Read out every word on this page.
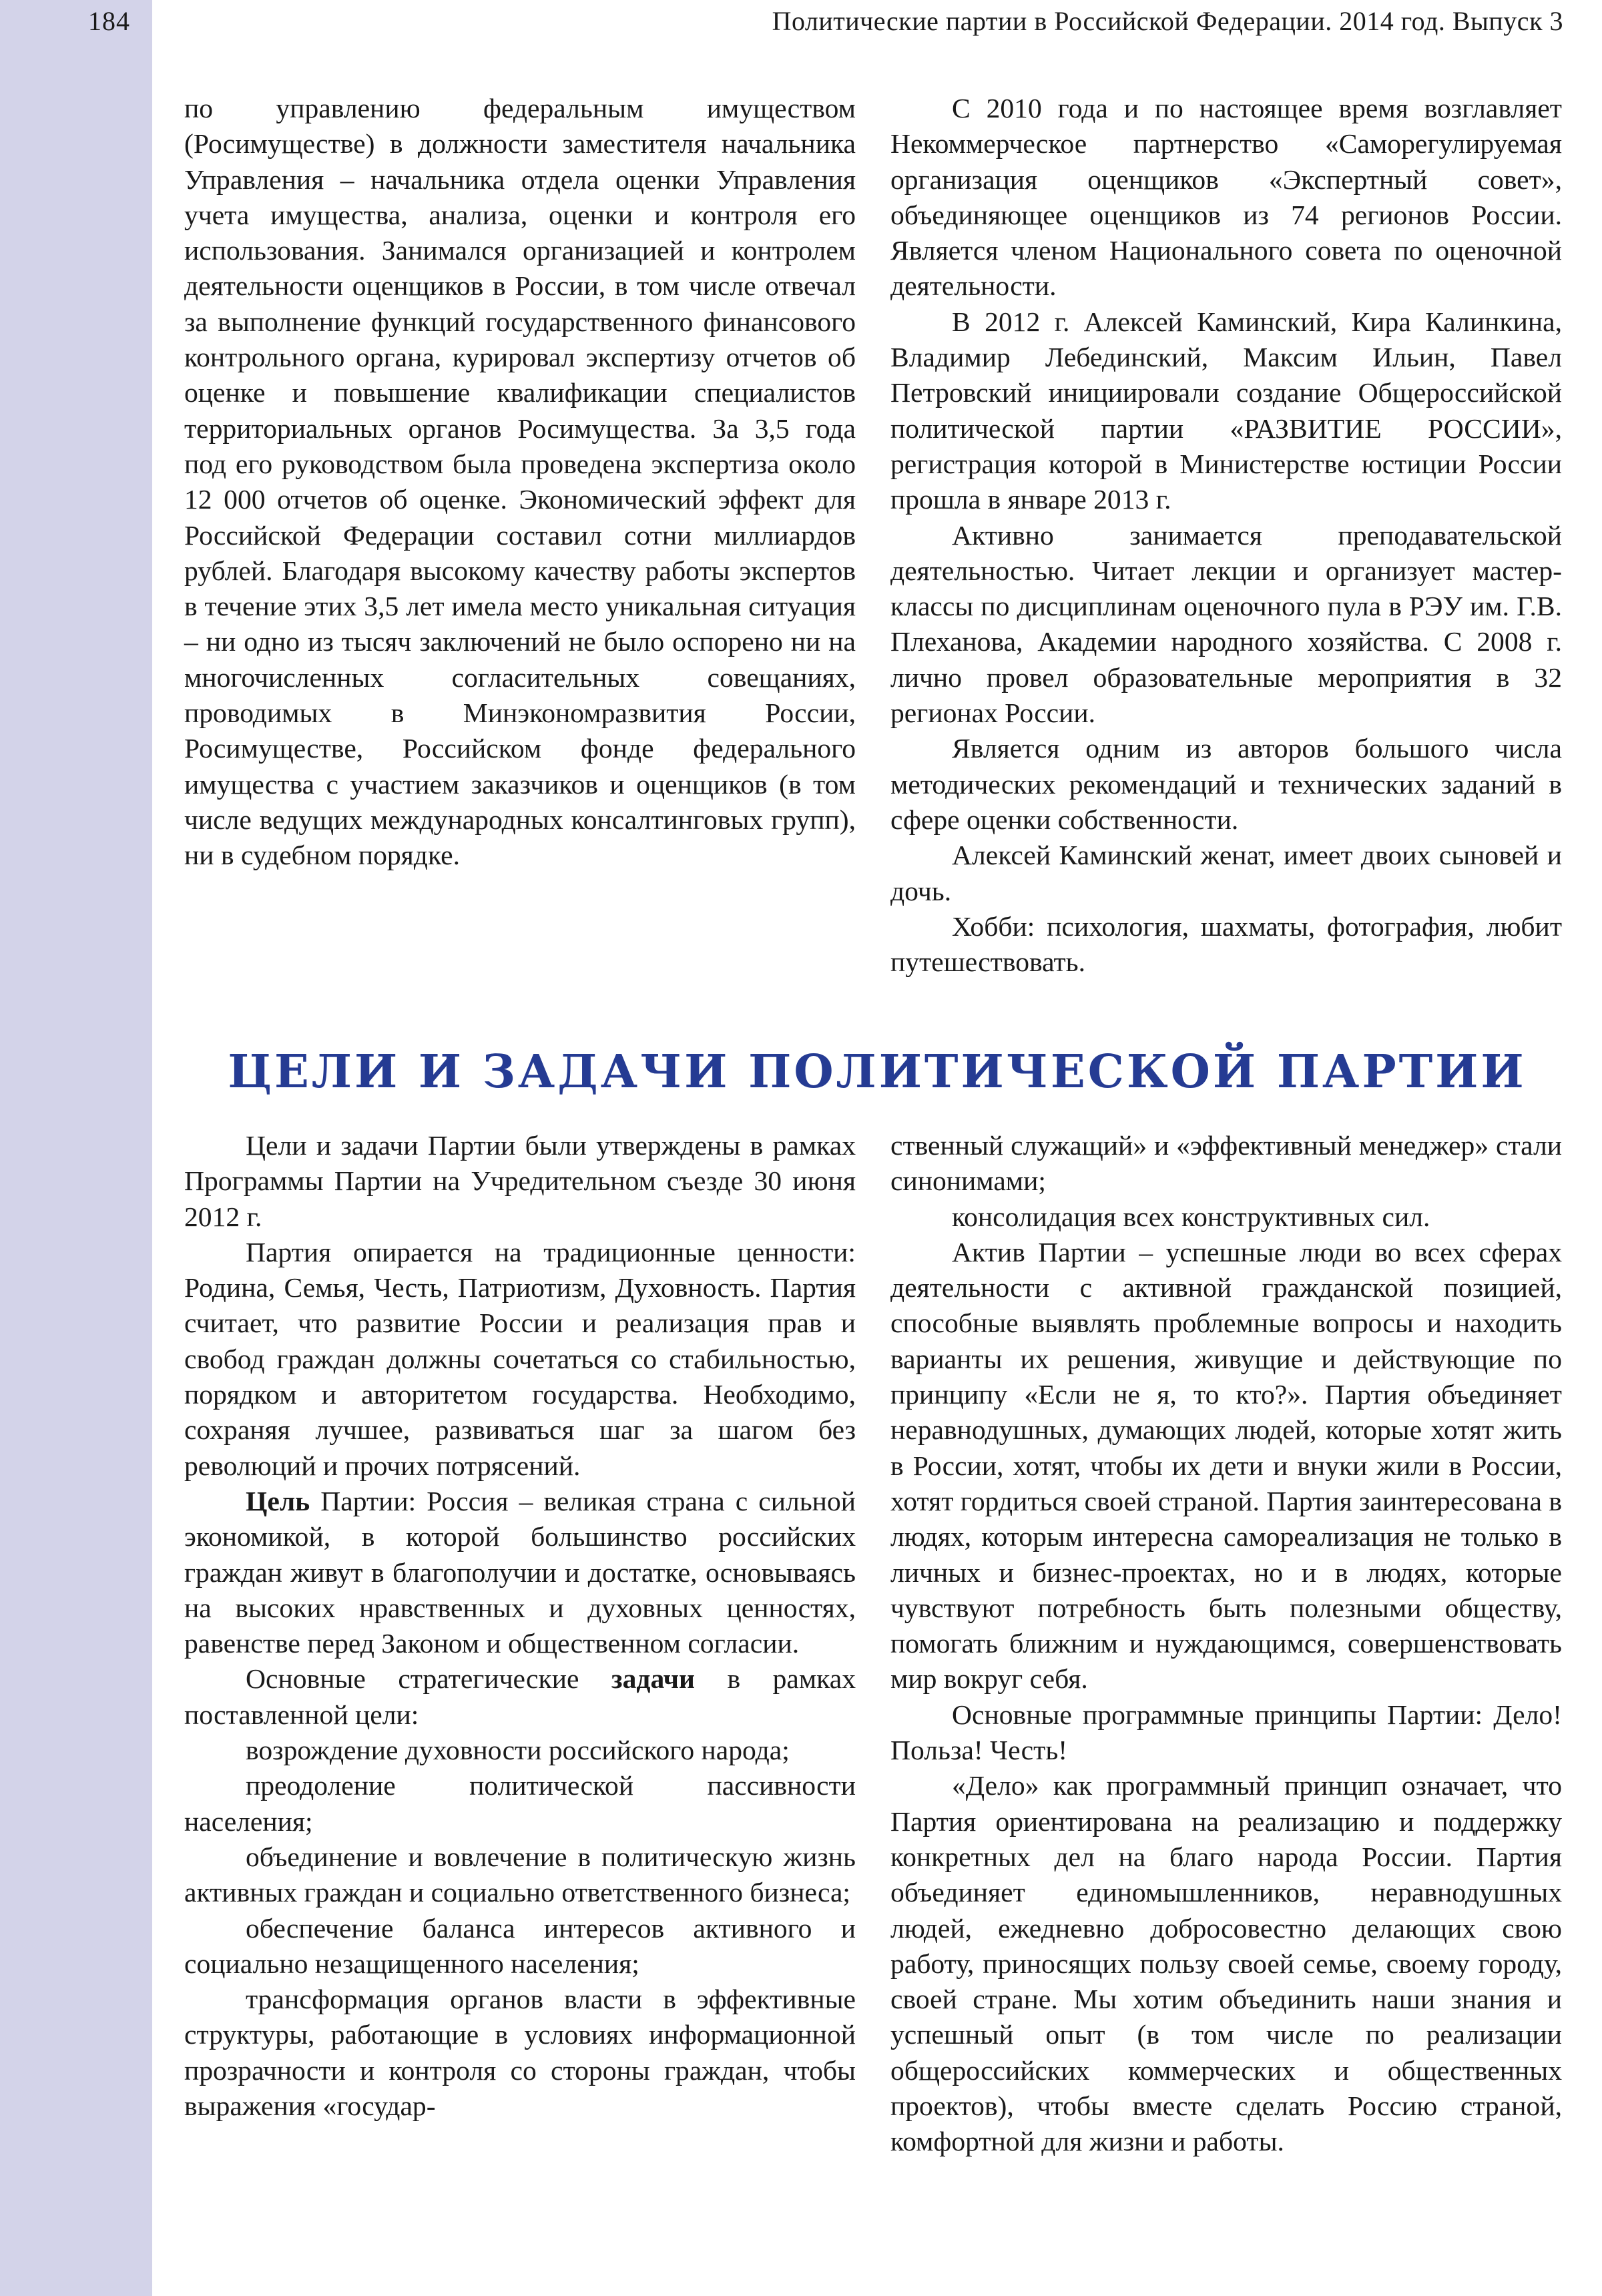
184	Политические партии в Российской Федерации. 2014 год. Выпуск 3

по управлению федеральным имуществом (Росимуществе) в должности заместителя начальника Управления – начальника отдела оценки Управления учета имущества, анализа, оценки и контроля его использования. Занимался организацией и контролем деятельности оценщиков в России, в том числе отвечал за выполнение функций государственного финансового контрольного органа, курировал экспертизу отчетов об оценке и повышение квалификации специалистов территориальных органов Росимущества. За 3,5 года под его руководством была проведена экспертиза около 12 000 отчетов об оценке. Экономический эффект для Российской Федерации составил сотни миллиардов рублей. Благодаря высокому качеству работы экспертов в течение этих 3,5 лет имела место уникальная ситуация – ни одно из тысяч заключений не было оспорено ни на многочисленных согласительных совещаниях, проводимых в Минэкономразвития России, Росимуществе, Российском фонде федерального имущества с участием заказчиков и оценщиков (в том числе ведущих международных консалтинговых групп), ни в судебном порядке.

С 2010 года и по настоящее время возглавляет Некоммерческое партнерство «Саморегулируемая организация оценщиков «Экспертный совет», объединяющее оценщиков из 74 регионов России. Является членом Национального совета по оценочной деятельности.

В 2012 г. Алексей Каминский, Кира Калинкина, Владимир Лебединский, Максим Ильин, Павел Петровский инициировали создание Общероссийской политической партии «РАЗВИТИЕ РОССИИ», регистрация которой в Министерстве юстиции России прошла в январе 2013 г.

Активно занимается преподавательской деятельностью. Читает лекции и организует мастер-классы по дисциплинам оценочного пула в РЭУ им. Г.В. Плеханова, Академии народного хозяйства. С 2008 г. лично провел образовательные мероприятия в 32 регионах России.

Является одним из авторов большого числа методических рекомендаций и технических заданий в сфере оценки собственности.

Алексей Каминский женат, имеет двоих сыновей и дочь.

Хобби: психология, шахматы, фотография, любит путешествовать.

ЦЕЛИ И ЗАДАЧИ ПОЛИТИЧЕСКОЙ ПАРТИИ

Цели и задачи Партии были утверждены в рамках Программы Партии на Учредительном съезде 30 июня 2012 г.

Партия опирается на традиционные ценности: Родина, Семья, Честь, Патриотизм, Духовность. Партия считает, что развитие России и реализация прав и свобод граждан должны сочетаться со стабильностью, порядком и авторитетом государства. Необходимо, сохраняя лучшее, развиваться шаг за шагом без революций и прочих потрясений.

Цель Партии: Россия – великая страна с сильной экономикой, в которой большинство российских граждан живут в благополучии и достатке, основываясь на высоких нравственных и духовных ценностях, равенстве перед Законом и общественном согласии.

Основные стратегические задачи в рамках поставленной цели:

возрождение духовности российского народа;

преодоление политической пассивности населения;

объединение и вовлечение в политическую жизнь активных граждан и социально ответственного бизнеса;

обеспечение баланса интересов активного и социально незащищенного населения;

трансформация органов власти в эффективные структуры, работающие в условиях информационной прозрачности и контроля со стороны граждан, чтобы выражения «государ-

ственный служащий» и «эффективный менеджер» стали синонимами;

консолидация всех конструктивных сил.

Актив Партии – успешные люди во всех сферах деятельности с активной гражданской позицией, способные выявлять проблемные вопросы и находить варианты их решения, живущие и действующие по принципу «Если не я, то кто?». Партия объединяет неравнодушных, думающих людей, которые хотят жить в России, хотят, чтобы их дети и внуки жили в России, хотят гордиться своей страной. Партия заинтересована в людях, которым интересна самореализация не только в личных и бизнес-проектах, но и в людях, которые чувствуют потребность быть полезными обществу, помогать ближним и нуждающимся, совершенствовать мир вокруг себя.

Основные программные принципы Партии: Дело! Польза! Честь!

«Дело» как программный принцип означает, что Партия ориентирована на реализацию и поддержку конкретных дел на благо народа России. Партия объединяет единомышленников, неравнодушных людей, ежедневно добросовестно делающих свою работу, приносящих пользу своей семье, своему городу, своей стране. Мы хотим объединить наши знания и успешный опыт (в том числе по реализации общероссийских коммерческих и общественных проектов), чтобы вместе сделать Россию страной, комфортной для жизни и работы.
